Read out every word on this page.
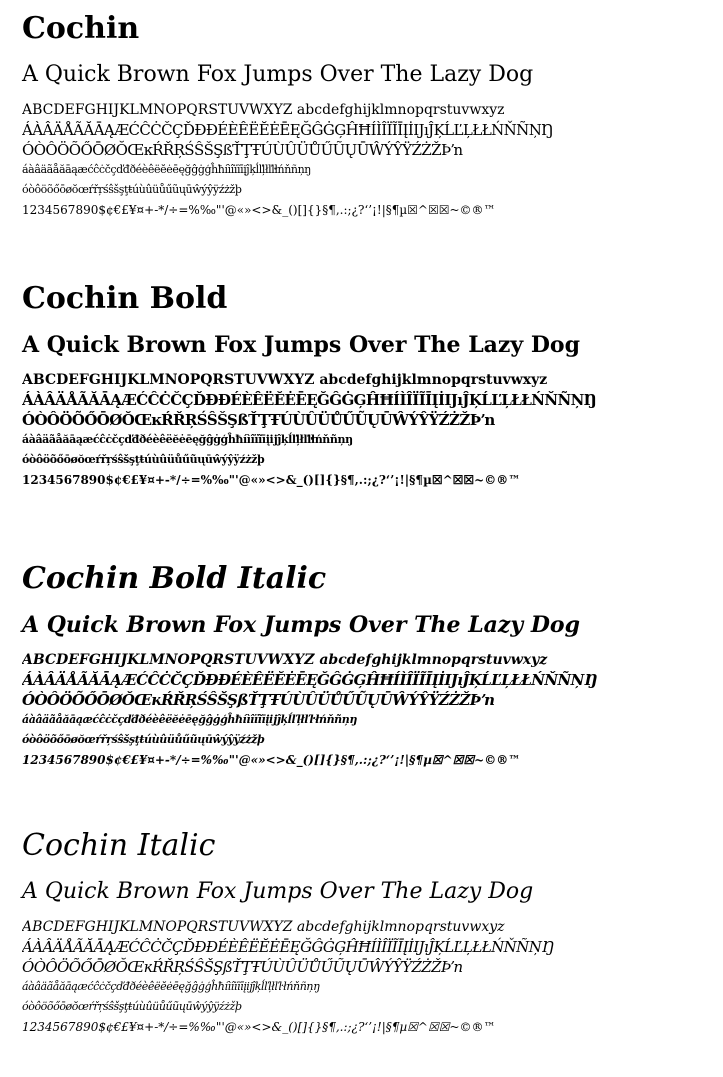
Cochin

A Quick Brown Fox Jumps Over The Lazy Dog

ABCDEFGHIJKLMNOPQRSTUVWXYZ abcdefghijklmnopqrstuvwxyz
ÁÀÂÄÅÃĂĀĄÆĆĈĊČÇĎĐĐÉÈÊËĔĖĒĘĞĜĠĢĤĦÍÌÎÏĨĪĮİIJıĴĶĹĽĻŁŁŃŇÑŅŊ
ÓÒÔÖÕŐŌØŎŒĸŔŘŖŚŜŠŞßŤŢŦÚÙÛÜŮŰŨŲŪŴÝŶŸŹŻŽÞŉ
áàâäãåăāąæćĉċčçďđðéèêëĕėēęğĝġģĥħíìîïĩīįĵķĺľļłľŀłńňñņŋ
óòôöõőōøŏœŕřŗśŝšşţŧúùûüůűũųūŵýŷÿźżžþ
1234567890$¢€£¥¤+-*/÷=%‰"'@«»<>&_()[]{}§¶,.:;¿?‘’¡!|§¶µ☒^☒☒~©®™
Cochin Bold

A Quick Brown Fox Jumps Over The Lazy Dog

ABCDEFGHIJKLMNOPQRSTUVWXYZ abcdefghijklmnopqrstuvwxyz
ÁÀÂÄÅÃĂĀĄÆĆĈĊČÇĎĐĐÉÈÊËĔĖĒĘĞĜĠĢĤĦÍÌÎÏĨĪĮİIJıĴĶĹĽĻŁŁŃŇÑŅŊ
ÓÒÔÖÕŐŌØŎŒĸŔŘŖŚŜŠŞßŤŢŦÚÙÛÜŮŰŨŲŪŴÝŶŸŹŻŽÞŉ
áàâäãåăāąæćĉċčçďđðéèêëĕėēęğĝġģĥħíìîïĩīįĳĵķĺľļłľŀłńňñņŋ
óòôöõőōøŏœŕřŗśŝšşţŧúùûüůűũųūŵýŷÿźżžþ
1234567890$¢€£¥¤+-*/÷=%‰"'@«»<>&_()[]{}§¶,.:;¿?‘’¡!|§¶µ☒^☒☒~©®™
Cochin Bold Italic

A Quick Brown Fox Jumps Over The Lazy Dog

ABCDEFGHIJKLMNOPQRSTUVWXYZ abcdefghijklmnopqrstuvwxyz
ÁÀÂÄÅÃĂĀĄÆĆĈĊČÇĎĐĐÉÈÊËĔĖĒĘĞĜĠĢĤĦÍÌÎÏĨĪĮİIJıĴĶĹĽĻŁŁŃŇÑŅŊ
ÓÒÔÖÕŐŌØŎŒĸŔŘŖŚŜŠŞßŤŢŦÚÙÛÜŮŰŨŲŪŴÝŶŸŹŻŽÞŉ
áàâäãåăāąæćĉċčçďđðéèêëĕėēęğĝġģĥħíìîïĩīįĳĵķĺľļłľŀłńňñņŋ
óòôöõőōøŏœŕřŗśŝšşţŧúùûüůűũųūŵýŷÿźżžþ
1234567890$¢€£¥¤+-*/÷=%‰"'@«»<>&_()[]{}§¶,.:;¿?‘’¡!|§¶µ☒^☒☒~©®™
Cochin Italic

A Quick Brown Fox Jumps Over The Lazy Dog

ABCDEFGHIJKLMNOPQRSTUVWXYZ abcdefghijklmnopqrstuvwxyz
ÁÀÂÄÅÃĂĀĄÆĆĈĊČÇĎĐĐÉÈÊËĔĖĒĘĞĜĠĢĤĦÍÌÎÏĨĪĮİIJıĴĶĹĽĻŁŁŃŇÑŅŊ
ÓÒÔÖÕŐŌØŎŒĸŔŘŖŚŜŠŞßŤŢŦÚÙÛÜŮŰŨŲŪŴÝŶŸŹŻŽÞŉ
áàâäãåăāąæćĉċčçďđðéèêëĕėēęğĝġģĥħíìîïĩīįĳĵķĺľļłľŀłńňñņŋ
óòôöõőōøŏœŕřŗśŝšşţŧúùûüůűũųūŵýŷÿźżžþ
1234567890$¢€£¥¤+-*/÷=%‰"'@«»<>&_()[]{}§¶,.:;¿?‘’¡!|§¶µ☒^☒☒~©®™
